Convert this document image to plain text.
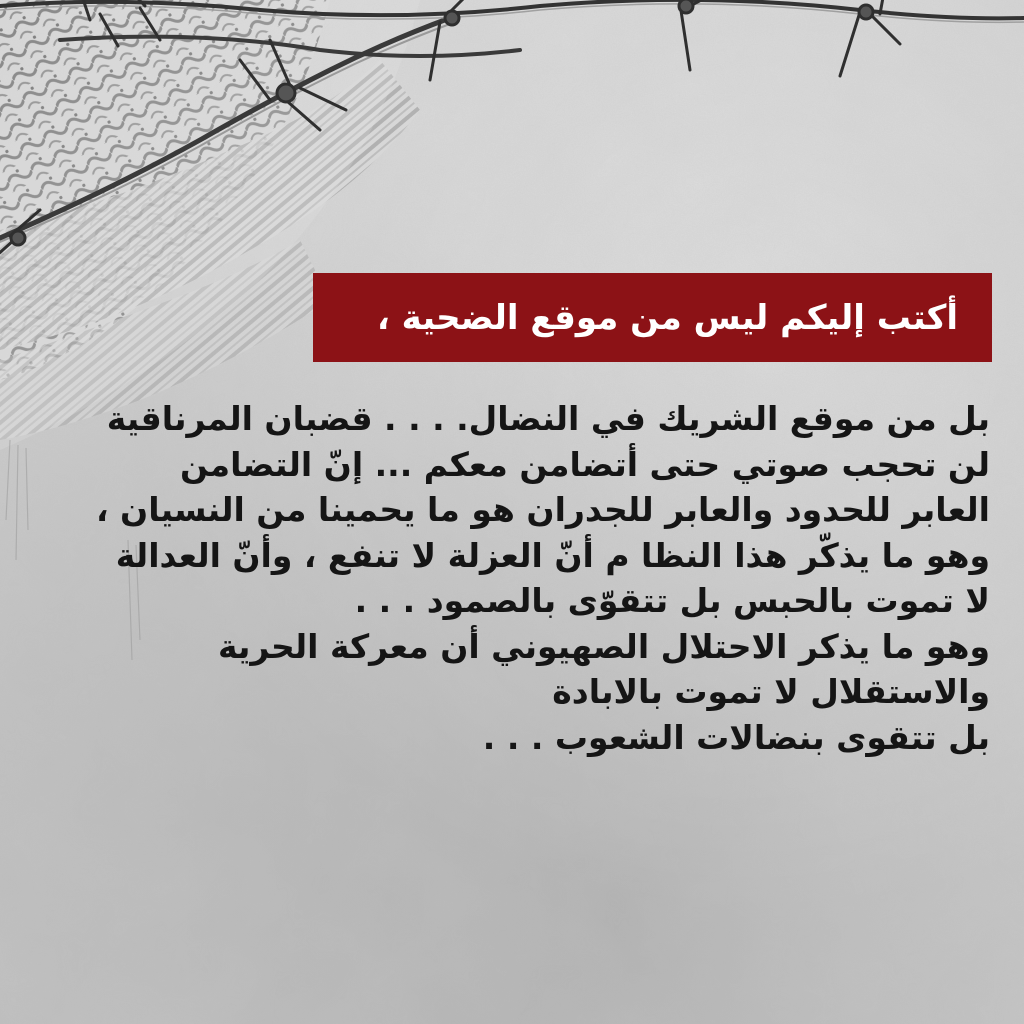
أكتب إليكم ليس من موقع الضحية ،
بل من موقع الشريك في النضال. . . . قضبان المرناقية
لن تحجب صوتي حتى أتضامن معكم ... إنّ التضامن
العابر للحدود والعابر للجدران هو ما يحمينا من النسيان ،
وهو ما يذكّر هذا النظا م أنّ العزلة لا تنفع ، وأنّ العدالة
لا تموت بالحبس بل تتقوّى بالصمود . . .
وهو ما يذكر الاحتلال الصهيوني أن معركة الحرية
والاستقلال لا تموت بالابادة
بل تتقوى بنضالات الشعوب . . .
